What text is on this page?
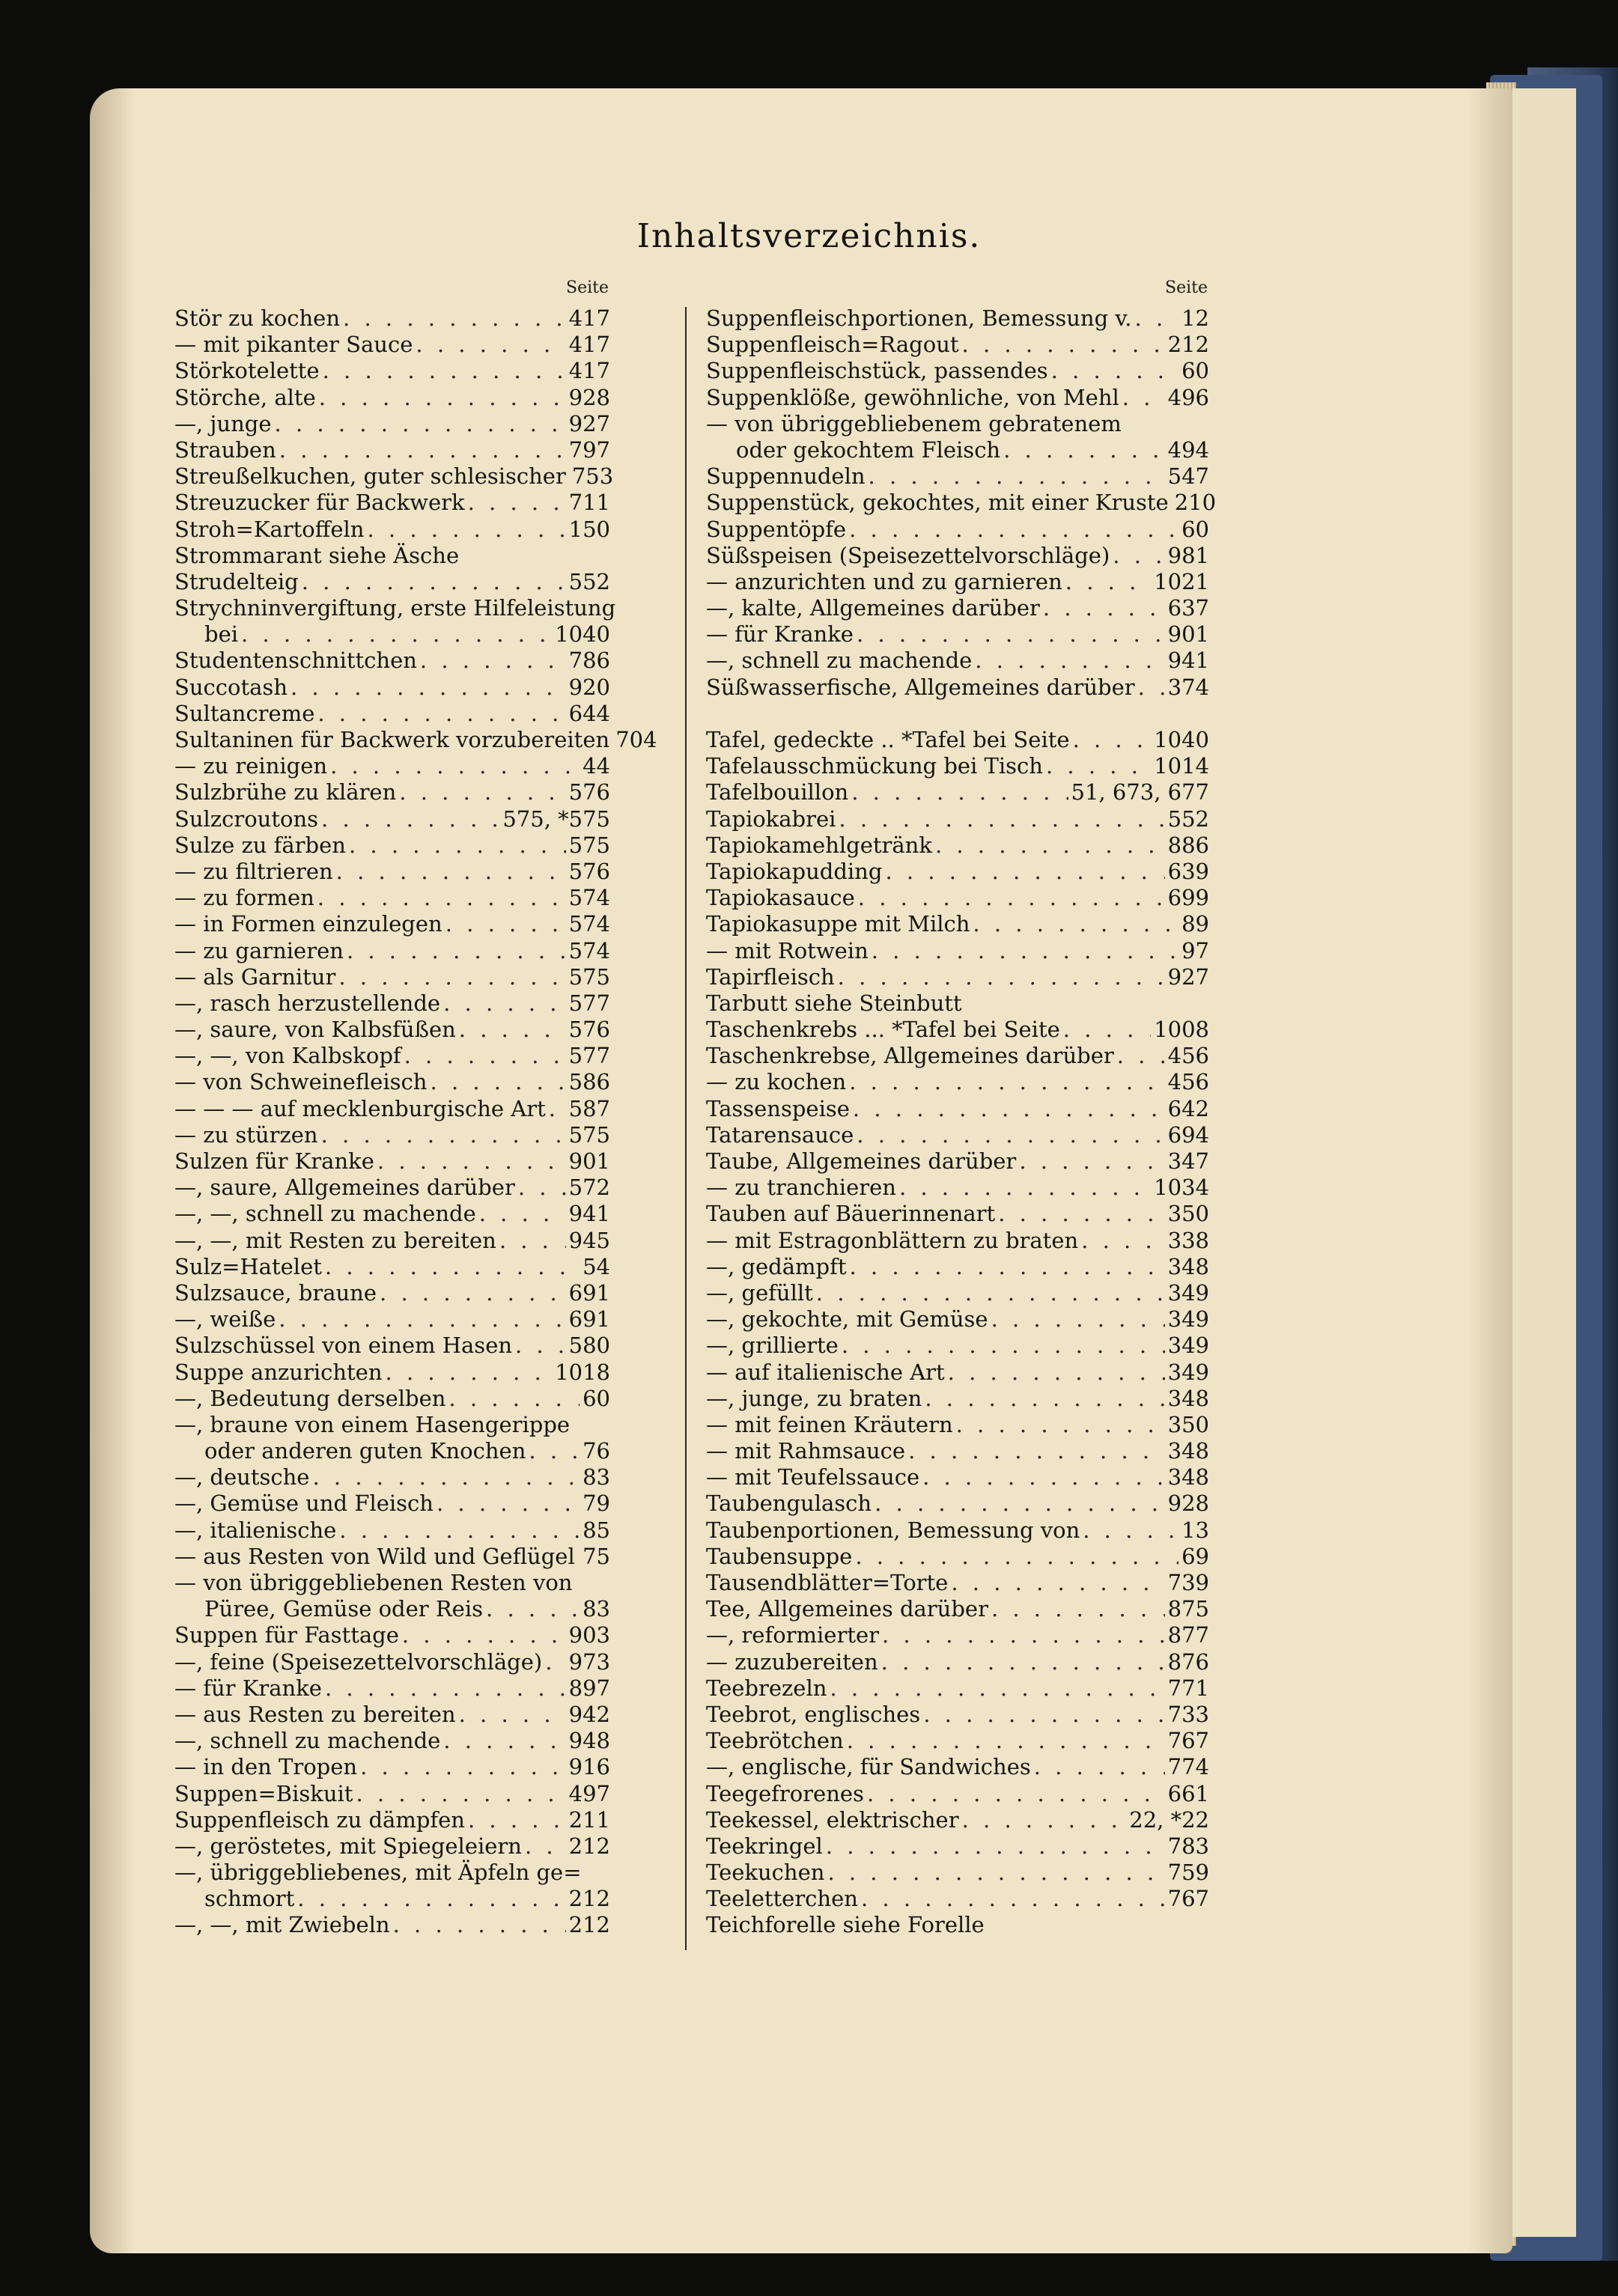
Inhaltsverzeichnis.
Seite
Stör zu kochen . . .	417
— mit pikanter Sauce . . .	417
Störkotelette . . .	417
Störche, alte . . .	928
—, junge . . .	927
Strauben . . .	797
Streußelkuchen, guter schlesischer 753
Streuzucker für Backwerk . . .	711
Stroh=Kartoffeln . . .	150
Strommarant siehe Äsche
Strudelteig . . .	552
Strychninvergiftung, erste Hilfeleistung
bei . . .	1040
Studentenschnittchen . . .	786
Succotash . . .	920
Sultancreme . . .	644
Sultaninen für Backwerk vorzubereiten 704
— zu reinigen . . .	44
Sulzbrühe zu klären . . .	576
Sulzcroutons . . .	575, *575
Sulze zu färben . . .	575
— zu filtrieren . . .	576
— zu formen . . .	574
— in Formen einzulegen . . .	574
— zu garnieren . . .	574
— als Garnitur . . .	575
—, rasch herzustellende . . .	577
—, saure, von Kalbsfüßen . . .	576
—, —, von Kalbskopf . . .	577
— von Schweinefleisch . . .	586
— — — auf mecklenburgische Art . . . 587
— zu stürzen . . .	575
Sulzen für Kranke . . .	901
—, saure, Allgemeines darüber . . . 572
—, —, schnell zu machende . . .	941
—, —, mit Resten zu bereiten . . .	945
Sulz=Hatelet . . .	54
Sulzsauce, braune . . .	691
—, weiße . . .	691
Sulzschüssel von einem Hasen . . .	580
Suppe anzurichten . . .	1018
—, Bedeutung derselben . . .	60
—, braune von einem Hasengerippe
oder anderen guten Knochen . . .	76
—, deutsche . . .	83
—, Gemüse und Fleisch . . .	79
—, italienische . . .	85
— aus Resten von Wild und Geflügel . . . 75
— von übriggebliebenen Resten von
Püree, Gemüse oder Reis . . .	83
Suppen für Fasttage . . .	903
—, feine (Speisezettelvorschläge) . . . 973
— für Kranke . . .	897
— aus Resten zu bereiten . . .	942
—, schnell zu machende . . .	948
— in den Tropen . . .	916
Suppen=Biskuit . . .	497
Suppenfleisch zu dämpfen . . .	211
—, geröstetes, mit Spiegeleiern . . . 212
—, übriggebliebenes, mit Äpfeln ge=
schmort . . .	212
—, —, mit Zwiebeln . . .	212
Seite
Suppenfleischportionen, Bemessung v. . . . 12
Suppenfleisch=Ragout . . .	212
Suppenfleischstück, passendes . . .	60
Suppenklöße, gewöhnliche, von Mehl . . . 496
— von übriggebliebenem gebratenem
oder gekochtem Fleisch . . .	494
Suppennudeln . . .	547
Suppenstück, gekochtes, mit einer Kruste 210
Suppentöpfe . . .	60
Süßspeisen (Speisezettelvorschläge) . . .	981
— anzurichten und zu garnieren . . .	1021
—, kalte, Allgemeines darüber . . .	637
— für Kranke . . .	901
—, schnell zu machende . . .	941
Süßwasserfische, Allgemeines darüber . . . 374
Tafel, gedeckte .. *Tafel bei Seite . . .	1040
Tafelausschmückung bei Tisch . . .	1014
Tafelbouillon . . .	51, 673, 677
Tapiokabrei . . .	552
Tapiokamehlgetränk . . .	886
Tapiokapudding . . .	639
Tapiokasauce . . .	699
Tapiokasuppe mit Milch . . .	89
— mit Rotwein . . .	97
Tapirfleisch . . .	927
Tarbutt siehe Steinbutt
Taschenkrebs ... *Tafel bei Seite . . .	1008
Taschenkrebse, Allgemeines darüber . . . 456
— zu kochen . . .	456
Tassenspeise . . .	642
Tatarensauce . . .	694
Taube, Allgemeines darüber . . .	347
— zu tranchieren . . .	1034
Tauben auf Bäuerinnenart . . .	350
— mit Estragonblättern zu braten . . .	338
—, gedämpft . . .	348
—, gefüllt . . .	349
—, gekochte, mit Gemüse . . .	349
—, grillierte . . .	349
— auf italienische Art . . .	349
—, junge, zu braten . . .	348
— mit feinen Kräutern . . .	350
— mit Rahmsauce . . .	348
— mit Teufelssauce . . .	348
Taubengulasch . . .	928
Taubenportionen, Bemessung von . . .	13
Taubensuppe . . .	69
Tausendblätter=Torte . . .	739
Tee, Allgemeines darüber . . .	875
—, reformierter . . .	877
— zuzubereiten . . .	876
Teebrezeln . . .	771
Teebrot, englisches . . .	733
Teebrötchen . . .	767
—, englische, für Sandwiches . . .	774
Teegefrorenes . . .	661
Teekessel, elektrischer . . .	22, *22
Teekringel . . .	783
Teekuchen . . .	759
Teeletterchen . . .	767
Teichforelle siehe Forelle
